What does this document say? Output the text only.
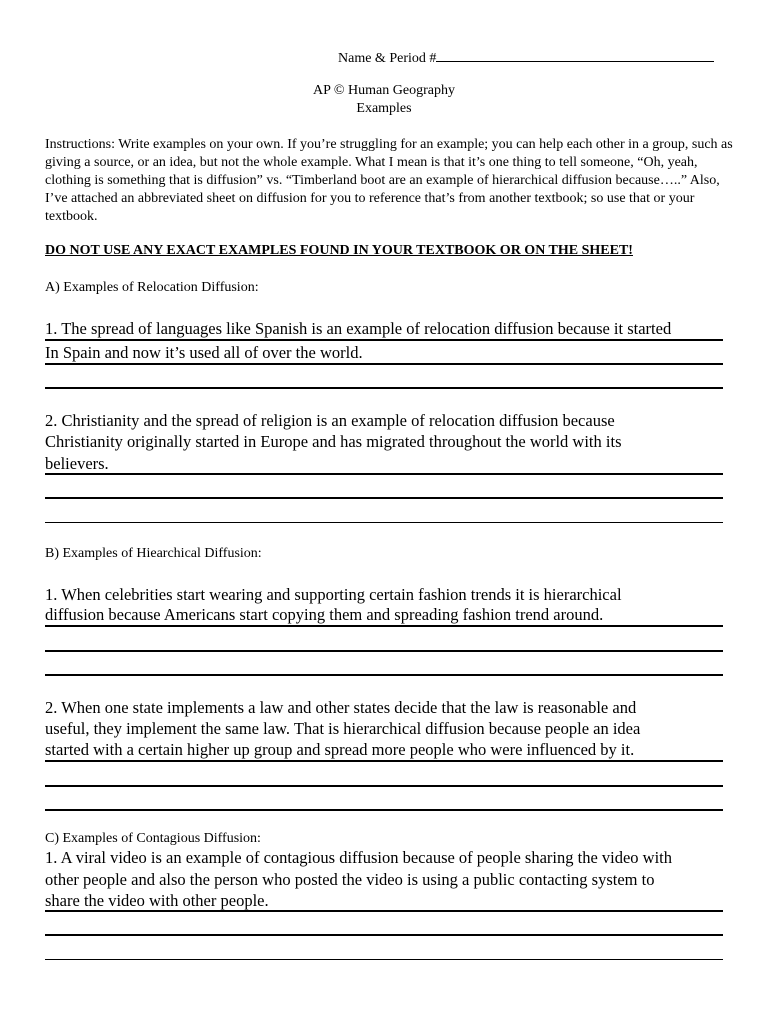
Name & Period #
AP © Human Geography
Examples
Instructions: Write examples on your own. If you’re struggling for an example; you can help each other in a group, such as giving a source, or an idea, but not the whole example. What I mean is that it’s one thing to tell someone, “Oh, yeah, clothing is something that is diffusion” vs. “Timberland boot are an example of hierarchical diffusion because…..” Also, I’ve attached an abbreviated sheet on diffusion for you to reference that’s from another textbook; so use that or your textbook.
DO NOT USE ANY EXACT EXAMPLES FOUND IN YOUR TEXTBOOK OR ON THE SHEET!
A) Examples of Relocation Diffusion:
1. The spread of languages like Spanish is an example of relocation diffusion because it started
In Spain and now it’s used all of over the world.
2. Christianity and the spread of religion is an example of relocation diffusion because
Christianity originally started in Europe and has migrated throughout the world with its
believers.
B) Examples of Hiearchical Diffusion:
1. When celebrities start wearing and supporting certain fashion trends it is hierarchical
diffusion because Americans start copying them and spreading fashion trend around.
2. When one state implements a law and other states decide that the law is reasonable and
useful, they implement the same law. That is hierarchical diffusion because people an idea
started with a certain higher up group and spread more people who were influenced by it.
C) Examples of Contagious Diffusion:
1. A viral video is an example of contagious diffusion because of people sharing the video with
other people and also the person who posted the video is using a public contacting system to
share the video with other people.
